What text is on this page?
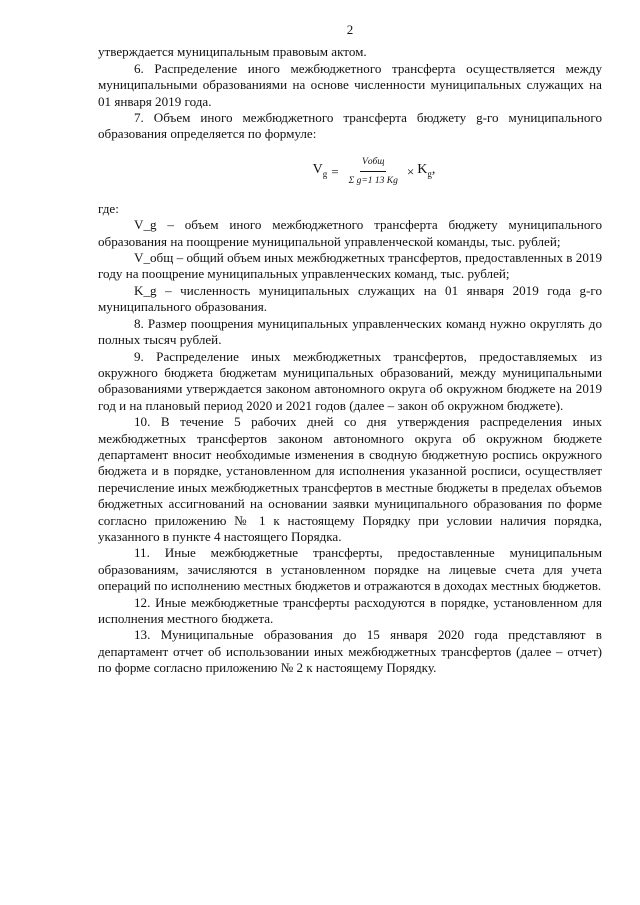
2

утверждается муниципальным правовым актом.

6. Распределение иного межбюджетного трансферта осуществляется между муниципальными образованиями на основе численности муниципальных служащих на 01 января 2019 года.

7. Объем иного межбюджетного трансферта бюджету g-го муниципального образования определяется по формуле:

$V_g = \frac{\text{Vобщ}}{\text{Σ g=1 13 Kg}} \times K_g$,

где:

V_g – объем иного межбюджетного трансферта бюджету муниципального образования на поощрение муниципальной управленческой команды, тыс. рублей;

V_общ – общий объем иных межбюджетных трансфертов, предоставленных в 2019 году на поощрение муниципальных управленческих команд, тыс. рублей;

K_g – численность муниципальных служащих на 01 января 2019 года g-го муниципального образования.

8. Размер поощрения муниципальных управленческих команд нужно округлять до полных тысяч рублей.

9. Распределение иных межбюджетных трансфертов, предоставляемых из окружного бюджета бюджетам муниципальных образований, между муниципальными образованиями утверждается законом автономного округа об окружном бюджете на 2019 год и на плановый период 2020 и 2021 годов (далее – закон об окружном бюджете).

10. В течение 5 рабочих дней со дня утверждения распределения иных межбюджетных трансфертов законом автономного округа об окружном бюджете департамент вносит необходимые изменения в сводную бюджетную роспись окружного бюджета и в порядке, установленном для исполнения указанной росписи, осуществляет перечисление иных межбюджетных трансфертов в местные бюджеты в пределах объемов бюджетных ассигнований на основании заявки муниципального образования по форме согласно приложению № 1 к настоящему Порядку при условии наличия порядка, указанного в пункте 4 настоящего Порядка.

11. Иные межбюджетные трансферты, предоставленные муниципальным образованиям, зачисляются в установленном порядке на лицевые счета для учета операций по исполнению местных бюджетов и отражаются в доходах местных бюджетов.

12. Иные межбюджетные трансферты расходуются в порядке, установленном для исполнения местного бюджета.

13. Муниципальные образования до 15 января 2020 года представляют в департамент отчет об использовании иных межбюджетных трансфертов (далее – отчет) по форме согласно приложению № 2 к настоящему Порядку.
